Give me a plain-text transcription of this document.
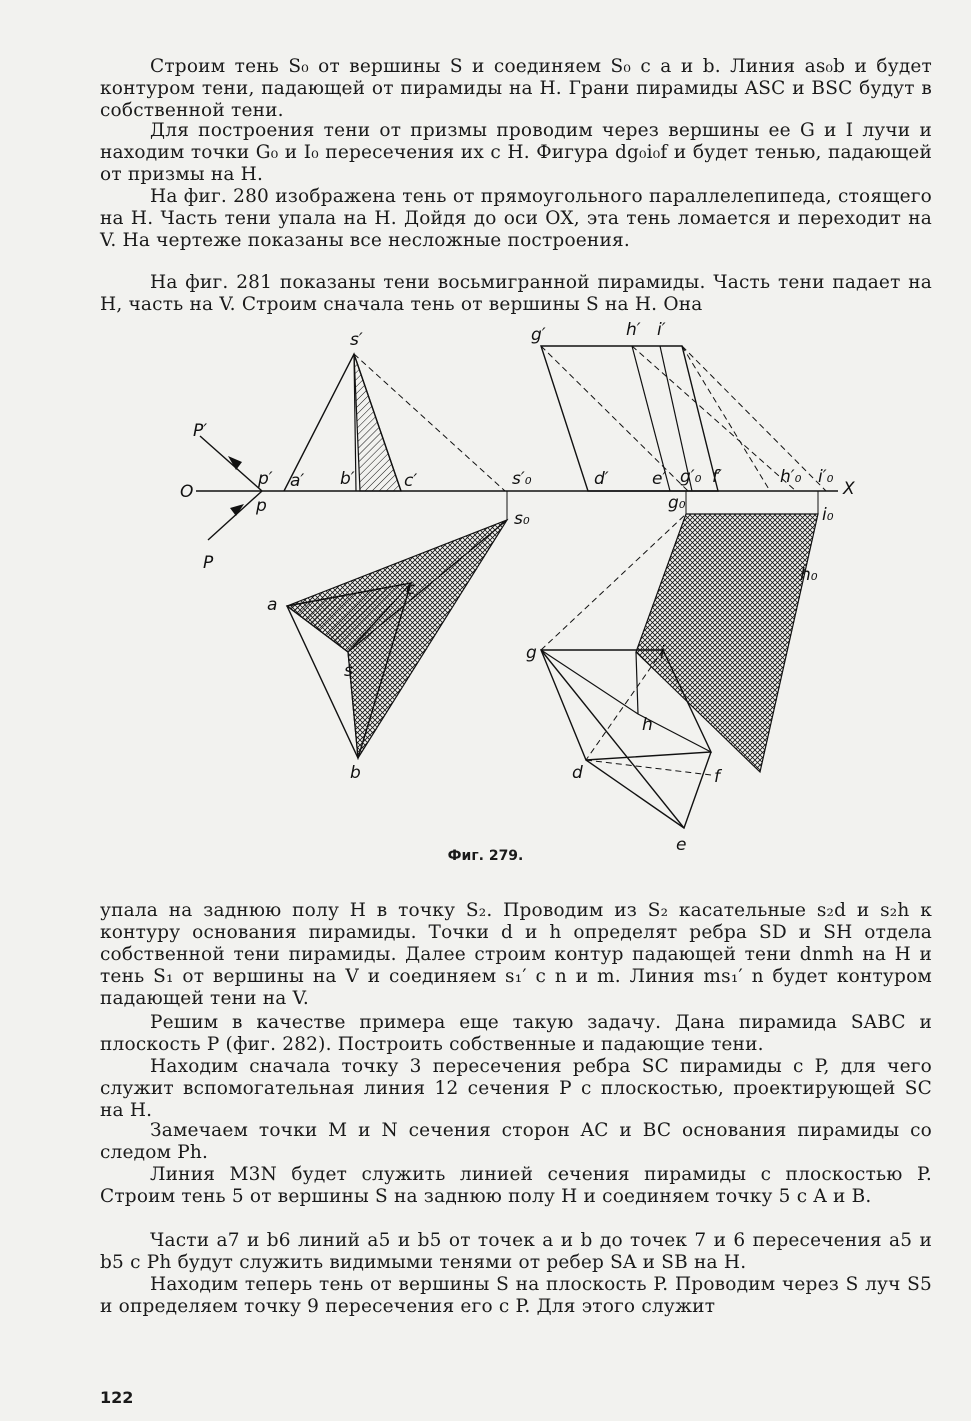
Строим тень S₀ от вершины S и соединяем S₀ с a и b. Линия as₀b и будет контуром тени, падающей от пирамиды на H. Грани пирамиды ASC и BSC будут в собственной тени.
Для построения тени от призмы проводим через вершины ее G и I лучи и находим точки G₀ и I₀ пересечения их с H. Фигура dg₀i₀f и будет тенью, падающей от призмы на H.
На фиг. 280 изображена тень от прямоугольного параллелепипеда, стоящего на H. Часть тени упала на H. Дойдя до оси OX, эта тень ломается и переходит на V. На чертеже показаны все несложные построения.
На фиг. 281 показаны тени восьмигранной пирамиды. Часть тени падает на H, часть на V. Строим сначала тень от вершины S на H. Она
s′	g′	h′ i′
P′
p′ a′ b′	c′	s′₀	d′	e′ g′₀ f′	h′₀ i′₀
O	X
p
P
s₀
g₀
i₀
h₀
a
c
s
b
g	i
h
d	f
e
Фиг. 279.
упала на заднюю полу H в точку S₂. Проводим из S₂ касательные s₂d и s₂h к контуру основания пирамиды. Точки d и h определят ребра SD и SH отдела собственной тени пирамиды. Далее строим контур падающей тени dnmh на H и тень S₁ от вершины на V и соединяем s₁′ с n и m. Линия ms₁′ n будет контуром падающей тени на V.
Решим в качестве примера еще такую задачу. Дана пирамида SABC и плоскость P (фиг. 282). Построить собственные и падающие тени.
Находим сначала точку 3 пересечения ребра SC пирамиды с P, для чего служит вспомогательная линия 12 сечения P с плоскостью, проектирующей SC на H.
Замечаем точки M и N сечения сторон AC и BC основания пирамиды со следом Ph.
Линия M3N будет служить линией сечения пирамиды с плоскостью P. Строим тень 5 от вершины S на заднюю полу H и соединяем точку 5 с A и B.
Части a7 и b6 линий a5 и b5 от точек a и b до точек 7 и 6 пересечения a5 и b5 с Ph будут служить видимыми тенями от ребер SA и SB на H.
Находим теперь тень от вершины S на плоскость P. Проводим через S луч S5 и определяем точку 9 пересечения его с P. Для этого служит
122
